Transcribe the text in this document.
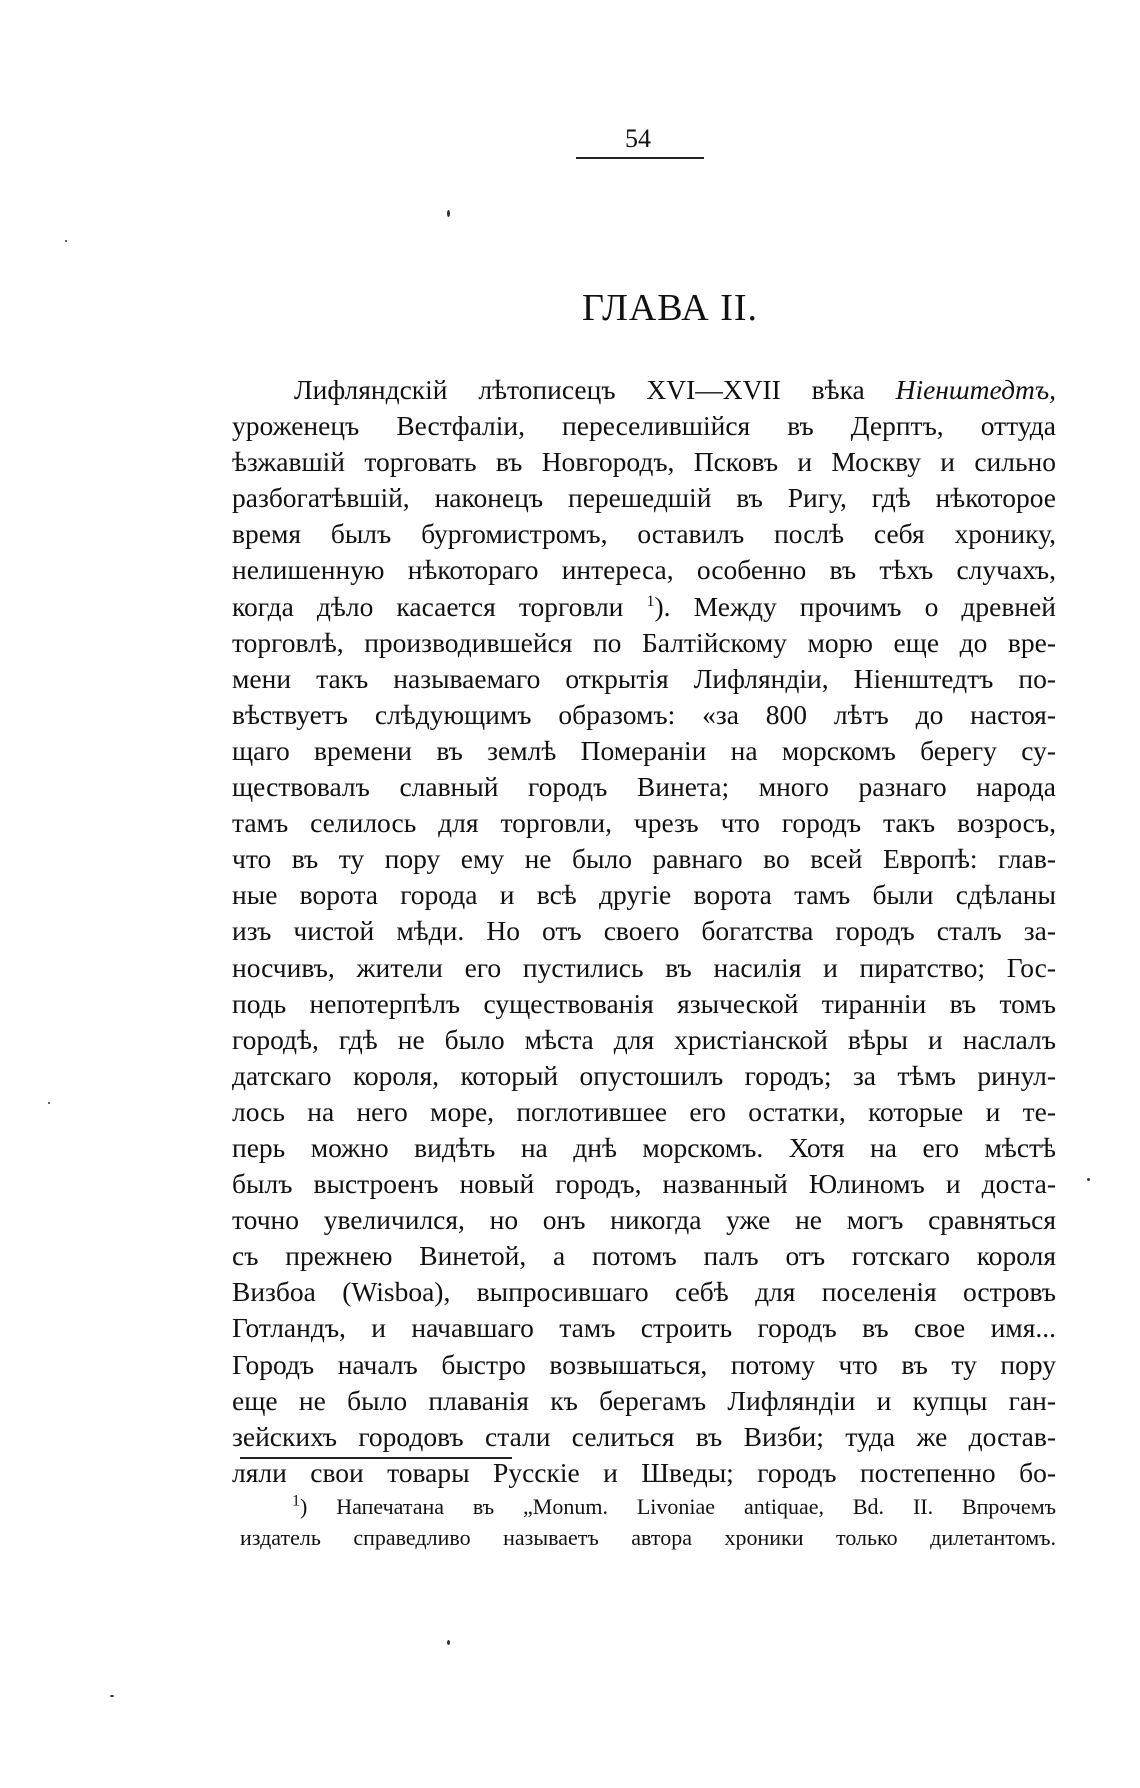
54
ГЛАВА II.
Лифляндскій лѣтописецъ XVI—XVII вѣка Ніенштедтъ,
уроженецъ Вестфаліи, переселившійся въ Дерптъ, оттуда
ѣзжавшій торговать въ Новгородъ, Псковъ и Москву и сильно
разбогатѣвшій, наконецъ перешедшій въ Ригу, гдѣ нѣкоторое
время былъ бургомистромъ, оставилъ послѣ себя хронику,
нелишенную нѣкотораго интереса, особенно въ тѣхъ случахъ,
когда дѣло касается торговли $^1$). Между прочимъ о древней
торговлѣ, производившейся по Балтійскому морю еще до вре-
мени такъ называемаго открытія Лифляндіи, Ніенштедтъ по-
вѣствуетъ слѣдующимъ образомъ: «за 800 лѣтъ до настоя-
щаго времени въ землѣ Помераніи на морскомъ берегу су-
ществовалъ славный городъ Винета; много разнаго народа
тамъ селилось для торговли, чрезъ что городъ такъ возросъ,
что въ ту пору ему не было равнаго во всей Европѣ: глав-
ные ворота города и всѣ другіе ворота тамъ были сдѣланы
изъ чистой мѣди. Но отъ своего богатства городъ сталъ за-
носчивъ, жители его пустились въ насилія и пиратство; Гос-
подь непотерпѣлъ существованія языческой тиранніи въ томъ
городѣ, гдѣ не было мѣста для христіанской вѣры и наслалъ
датскаго короля, который опустошилъ городъ; за тѣмъ ринул-
лось на него море, поглотившее его остатки, которые и те-
перь можно видѣть на днѣ морскомъ. Хотя на его мѣстѣ
былъ выстроенъ новый городъ, названный Юлиномъ и доста-
точно увеличился, но онъ никогда уже не могъ сравняться
съ прежнею Винетой, а потомъ палъ отъ готскаго короля
Визбоа (Wisboa), выпросившаго себѣ для поселенія островъ
Готландъ, и начавшаго тамъ строить городъ въ свое имя...
Городъ началъ быстро возвышаться, потому что въ ту пору
еще не было плаванія къ берегамъ Лифляндіи и купцы ган-
зейскихъ городовъ стали селиться въ Визби; туда же достав-
ляли свои товары Русскіе и Шведы; городъ постепенно бо-
$^1$) Напечатана въ „Monum. Livoniae antiquae, Bd. II. Впрочемъ
издатель справедливо называетъ автора хроники только дилетантомъ.
